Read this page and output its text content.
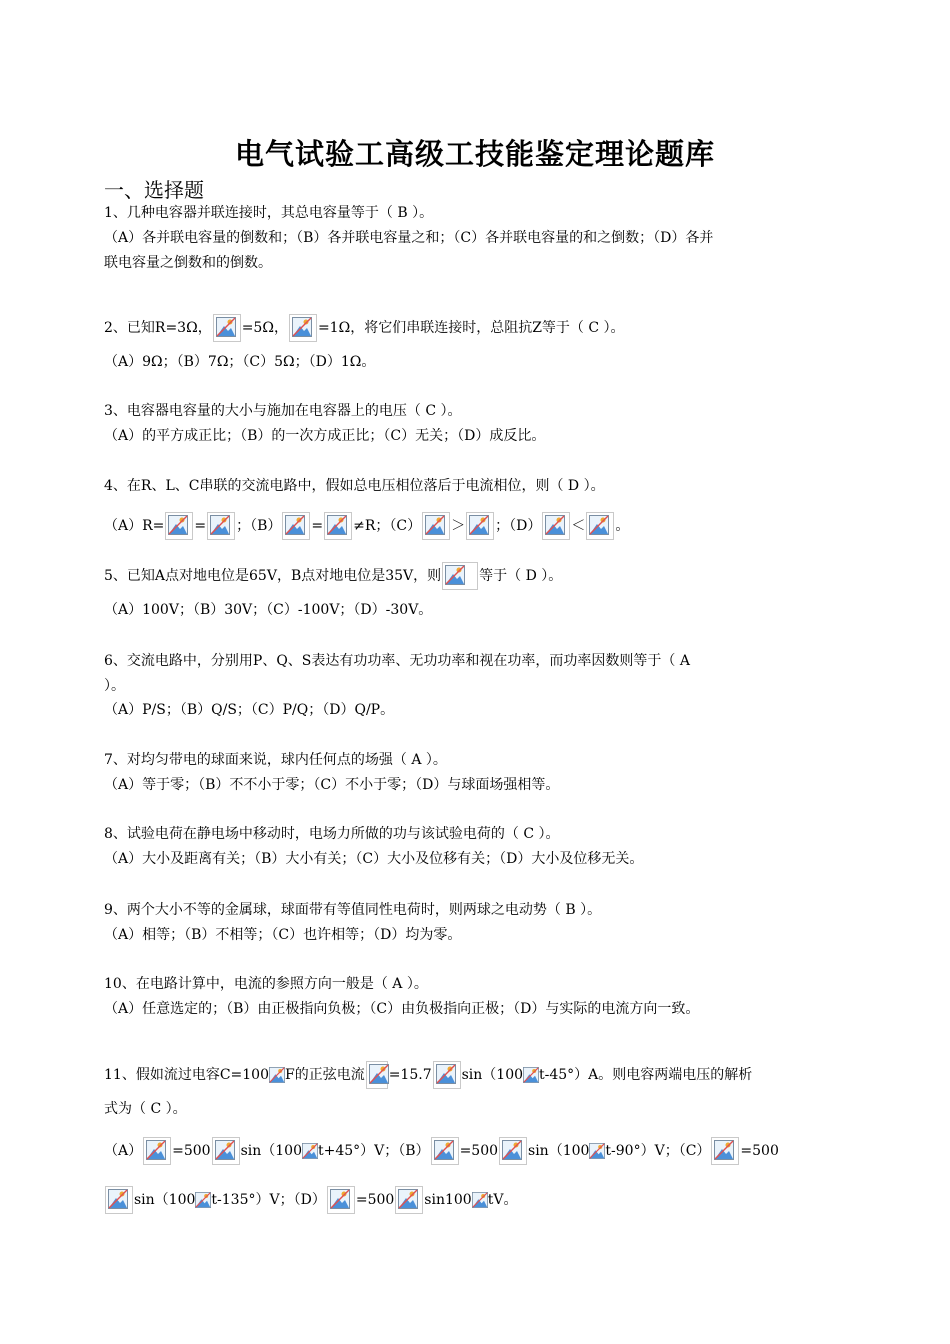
电气试验工高级工技能鉴定理论题库
一、选择题
1、几种电容器并联连接时，其总电容量等于（ B ）。
（A）各并联电容量的倒数和；（B）各并联电容量之和；（C）各并联电容量的和之倒数；（D）各并
联电容量之倒数和的倒数。
2、已知R=3Ω， =5Ω， =1Ω，将它们串联连接时，总阻抗Z等于（ C ）。
（A）9Ω；（B）7Ω；（C）5Ω；（D）1Ω。
3、电容器电容量的大小与施加在电容器上的电压（ C ）。
（A）的平方成正比；（B）的一次方成正比；（C）无关；（D）成反比。
4、在R、L、C串联的交流电路中，假如总电压相位落后于电流相位，则（ D ）。
（A）R= = ；（B） = ≠R；（C） ＞ ；（D） ＜ 。
5、已知A点对地电位是65V，B点对地电位是35V，则	等于（ D ）。
（A）100V；（B）30V；（C）-100V；（D）-30V。
6、交流电路中，分别用P、Q、S表达有功功率、无功功率和视在功率，而功率因数则等于（ A
）。
（A）P/S；（B）Q/S；（C）P/Q；（D）Q/P。
7、对均匀带电的球面来说，球内任何点的场强（ A ）。
（A）等于零；（B）不不小于零；（C）不小于零；（D）与球面场强相等。
8、试验电荷在静电场中移动时，电场力所做的功与该试验电荷的（ C ）。
（A）大小及距离有关；（B）大小有关；（C）大小及位移有关；（D）大小及位移无关。
9、两个大小不等的金属球，球面带有等值同性电荷时，则两球之电动势（ B ）。
（A）相等；（B）不相等；（C）也许相等；（D）均为零。
10、在电路计算中，电流的参照方向一般是（ A ）。
（A）任意选定的；（B）由正极指向负极；（C）由负极指向正极；（D）与实际的电流方向一致。
11、假如流过电容C=100 F的正弦电流 =15.7 sin（100 t-45°）A。则电容两端电压的解析
式为（ C ）。
（A） =500 sin（100 t+45°）V；（B） =500 sin（100 t-90°）V；（C） =500
sin（100 t-135°）V；（D） =500 sin100 tV。
